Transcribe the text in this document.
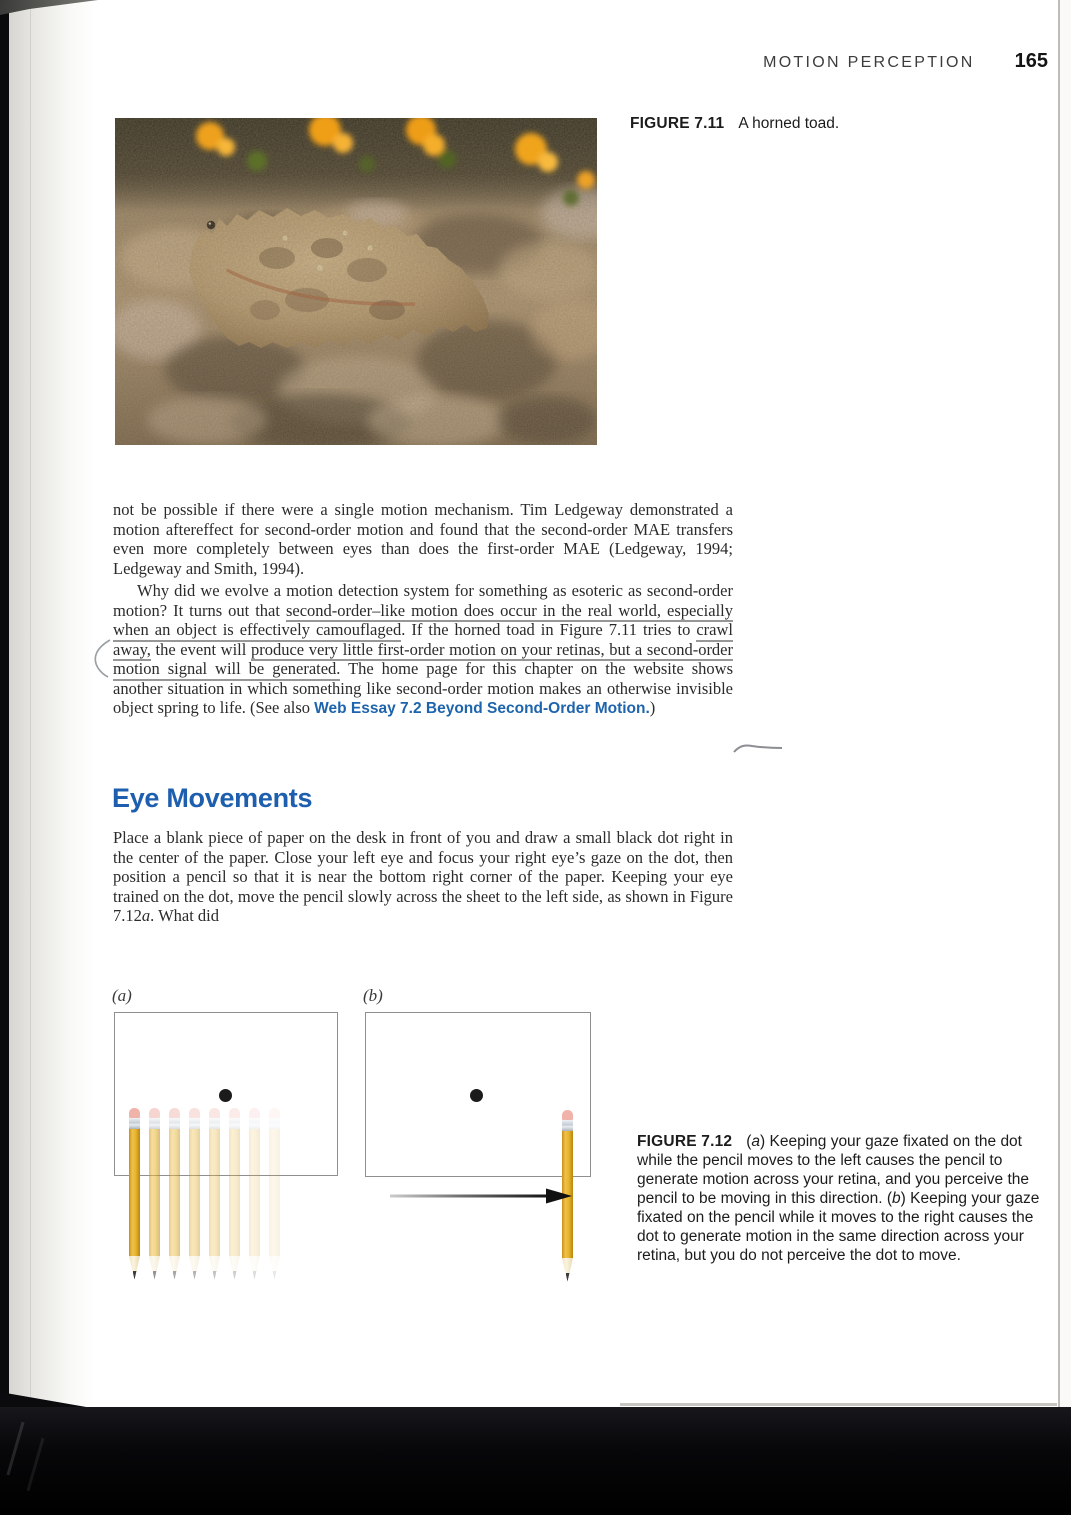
MOTION PERCEPTION 165
FIGURE 7.11 A horned toad.

not be possible if there were a single motion mechanism. Tim Ledgeway demonstrated a motion aftereffect for second-order motion and found that the second-order MAE transfers even more completely between eyes than does the first-order MAE (Ledgeway, 1994; Ledgeway and Smith, 1994).

Why did we evolve a motion detection system for something as esoteric as second-order motion? It turns out that second-order–like motion does occur in the real world, especially when an object is effectively camouflaged. If the horned toad in Figure 7.11 tries to crawl away, the event will produce very little first-order motion on your retinas, but a second-order motion signal will be generated. The home page for this chapter on the website shows another situation in which something like second-order motion makes an otherwise invisible object spring to life. (See also Web Essay 7.2 Beyond Second-Order Motion.)

Eye Movements

Place a blank piece of paper on the desk in front of you and draw a small black dot right in the center of the paper. Close your left eye and focus your right eye’s gaze on the dot, then position a pencil so that it is near the bottom right corner of the paper. Keeping your eye trained on the dot, move the pencil slowly across the sheet to the left side, as shown in Figure 7.12a. What did

(a)	(b)
FIGURE 7.12 (a) Keeping your gaze fixated on the dot while the pencil moves to the left causes the pencil to generate motion across your retina, and you perceive the pencil to be moving in this direction. (b) Keeping your gaze fixated on the pencil while it moves to the right causes the dot to generate motion in the same direction across your retina, but you do not perceive the dot to move.
